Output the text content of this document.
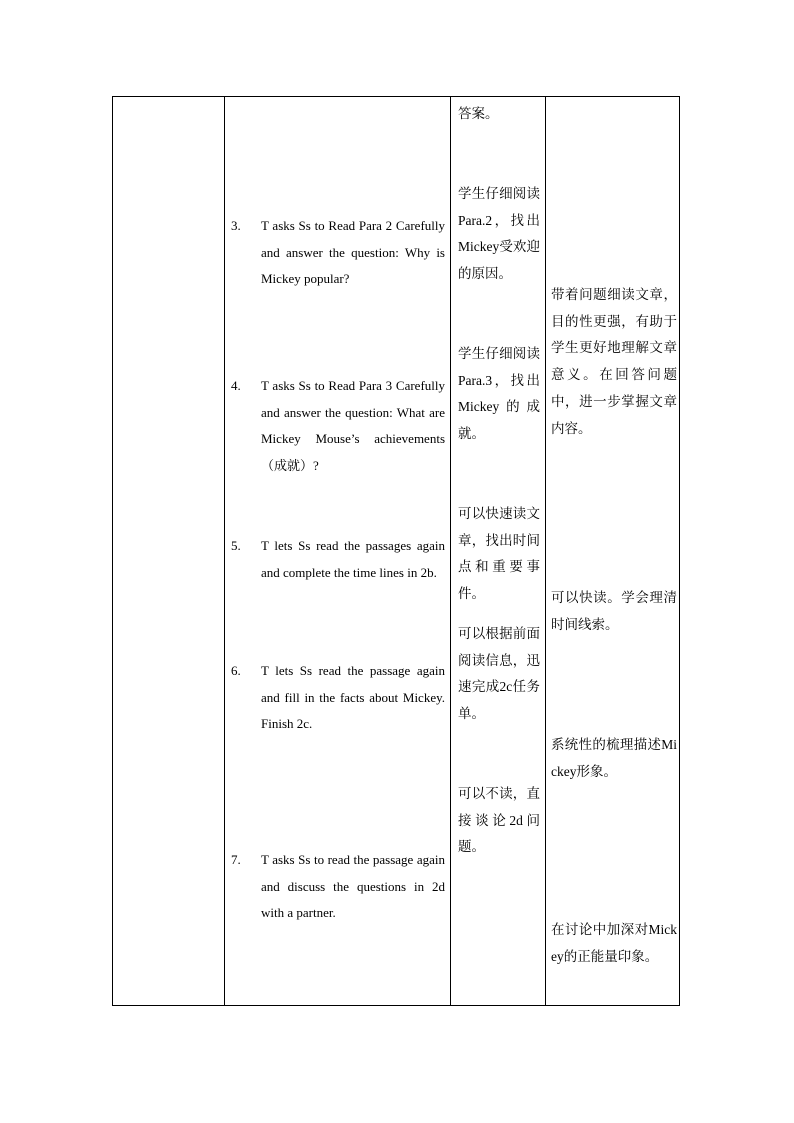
3. T asks Ss to Read Para 2 Carefully and answer the question: Why is Mickey popular?
4. T asks Ss to Read Para 3 Carefully and answer the question: What are Mickey Mouse’s achievements（成就）?
5. T lets Ss read the passages again and complete the time lines in 2b.
6. T lets Ss read the passage again and fill in the facts about Mickey. Finish 2c.
7. T asks Ss to read the passage again and discuss the questions in 2d with a partner.
答案。
学生仔细阅读Para.2，找出Mickey受欢迎的原因。
学生仔细阅读Para.3，找出 Mickey的成就。
可以快速读文章，找出时间点和重要事件。
可以根据前面阅读信息，迅速完成2c任务单。
可以不读，直接谈论2d问题。
带着问题细读文章，目的性更强，有助于学生更好地理解文章意义。在回答问题中，进一步掌握文章内容。
可以快读。学会理清时间线索。
系统性的梳理描述Mickey形象。
在讨论中加深对Mickey的正能量印象。
